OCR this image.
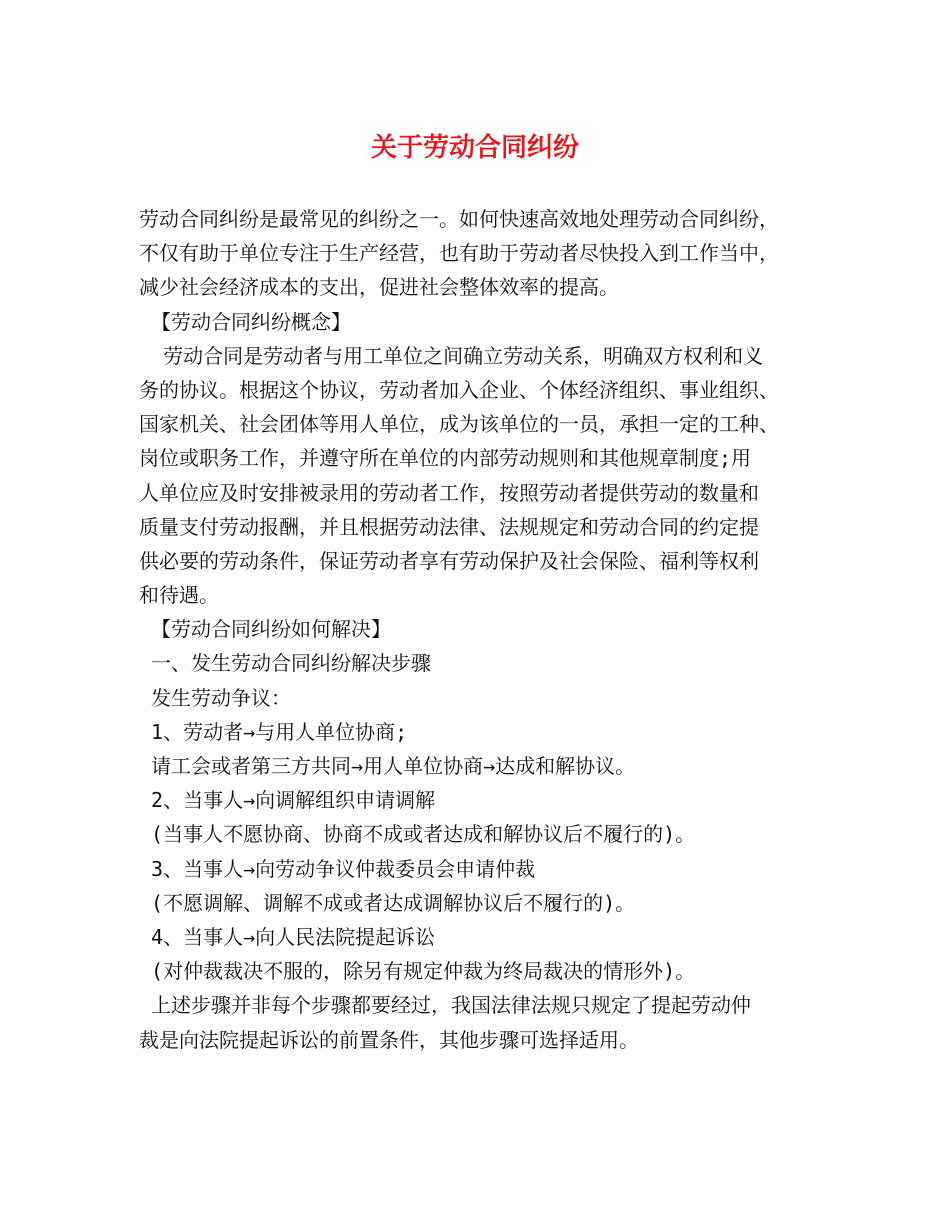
关于劳动合同纠纷
劳动合同纠纷是最常见的纠纷之一。如何快速高效地处理劳动合同纠纷，
不仅有助于单位专注于生产经营，也有助于劳动者尽快投入到工作当中，
减少社会经济成本的支出，促进社会整体效率的提高。
【劳动合同纠纷概念】
劳动合同是劳动者与用工单位之间确立劳动关系，明确双方权利和义
务的协议。根据这个协议，劳动者加入企业、个体经济组织、事业组织、
国家机关、社会团体等用人单位，成为该单位的一员，承担一定的工种、
岗位或职务工作，并遵守所在单位的内部劳动规则和其他规章制度;用
人单位应及时安排被录用的劳动者工作，按照劳动者提供劳动的数量和
质量支付劳动报酬，并且根据劳动法律、法规规定和劳动合同的约定提
供必要的劳动条件，保证劳动者享有劳动保护及社会保险、福利等权利
和待遇。
【劳动合同纠纷如何解决】
一、发生劳动合同纠纷解决步骤
发生劳动争议：
1、劳动者→与用人单位协商;
请工会或者第三方共同→用人单位协商→达成和解协议。
2、当事人→向调解组织申请调解
(当事人不愿协商、协商不成或者达成和解协议后不履行的)。
3、当事人→向劳动争议仲裁委员会申请仲裁
(不愿调解、调解不成或者达成调解协议后不履行的)。
4、当事人→向人民法院提起诉讼
(对仲裁裁决不服的，除另有规定仲裁为终局裁决的情形外)。
上述步骤并非每个步骤都要经过，我国法律法规只规定了提起劳动仲
裁是向法院提起诉讼的前置条件，其他步骤可选择适用。
